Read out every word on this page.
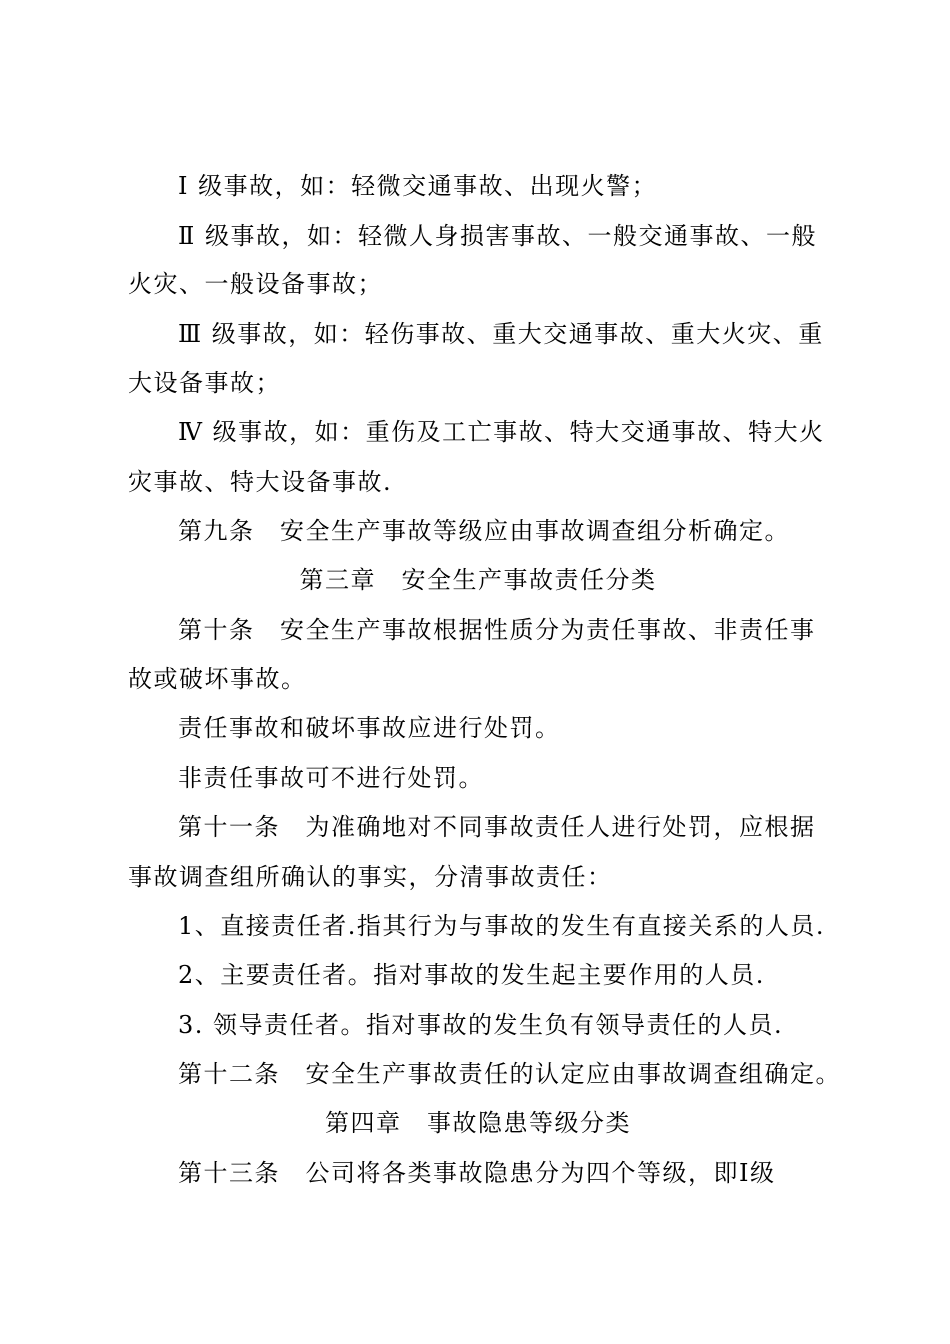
Ⅰ 级事故，如：轻微交通事故、出现火警；
Ⅱ 级事故，如：轻微人身损害事故、一般交通事故、一般
火灾、一般设备事故；
Ⅲ 级事故，如：轻伤事故、重大交通事故、重大火灾、重
大设备事故；
Ⅳ 级事故，如：重伤及工亡事故、特大交通事故、特大火
灾事故、特大设备事故.
第九条　安全生产事故等级应由事故调查组分析确定。
第三章　安全生产事故责任分类
第十条　安全生产事故根据性质分为责任事故、非责任事
故或破坏事故。
责任事故和破坏事故应进行处罚。
非责任事故可不进行处罚。
第十一条　为准确地对不同事故责任人进行处罚，应根据
事故调查组所确认的事实，分清事故责任：
1、直接责任者.指其行为与事故的发生有直接关系的人员.
2、主要责任者。指对事故的发生起主要作用的人员.
3. 领导责任者。指对事故的发生负有领导责任的人员.
第十二条　安全生产事故责任的认定应由事故调查组确定。
第四章　事故隐患等级分类
第十三条　公司将各类事故隐患分为四个等级，即Ⅰ级
